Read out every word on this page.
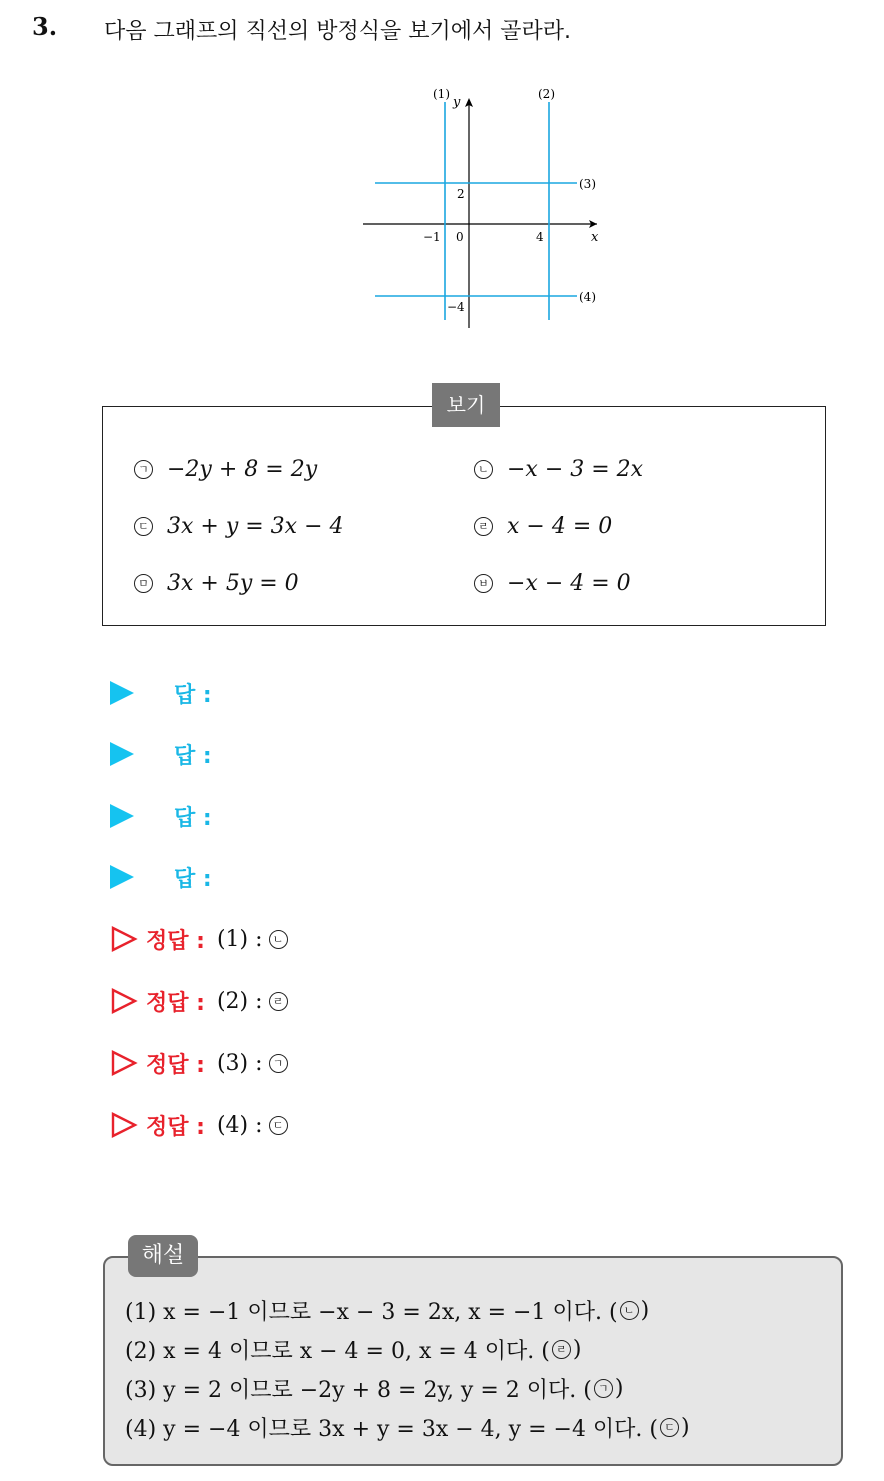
3. 다음 그래프의 직선의 방정식을 보기에서 골라라.
(1)
y
(2)
(3)
(4)
2
−1 0	4	x
−4
보기
ㄱ −2y + 8 = 2y	ㄴ −x − 3 = 2x
ㄷ 3x + y = 3x − 4	ㄹ x − 4 = 0
ㅁ 3x + 5y = 0	ㅂ −x − 4 = 0
답 :
답 :
답 :
답 :
정답 : (1) : ㄴ
정답 : (2) : ㄹ
정답 : (3) : ㄱ
정답 : (4) : ㄷ
해설
(1) x = −1 이므로 −x − 3 = 2x, x = −1 이다. ( ㄴ )
(2) x = 4 이므로 x − 4 = 0, x = 4 이다. ( ㄹ )
(3) y = 2 이므로 −2y + 8 = 2y, y = 2 이다. ( ㄱ )
(4) y = −4 이므로 3x + y = 3x − 4, y = −4 이다. ( ㄷ )
